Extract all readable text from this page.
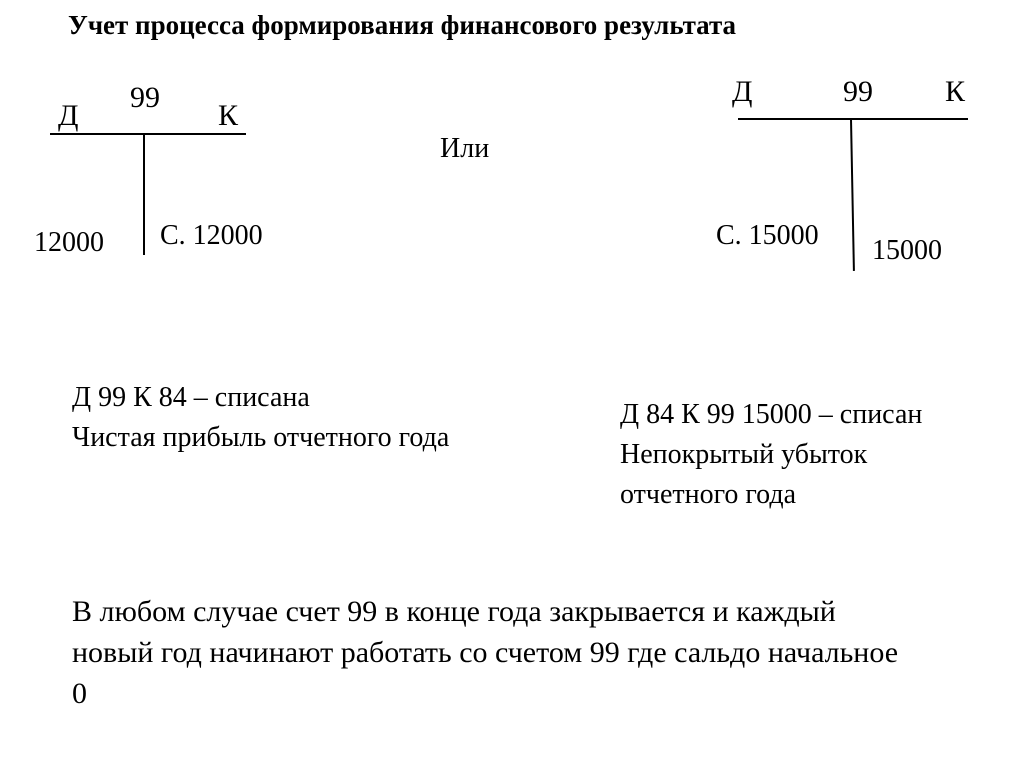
Учет процесса формирования финансового результата
99
Д	К
12000 С. 12000
Или
Д	99 К
С. 15000 15000
Д 99 К 84 – списана
Чистая прибыль отчетного года
Д 84 К 99 15000 – списан
Непокрытый убыток
отчетного года
В любом случае счет 99 в конце года закрывается и каждый
новый год начинают работать со счетом 99 где сальдо начальное
0
